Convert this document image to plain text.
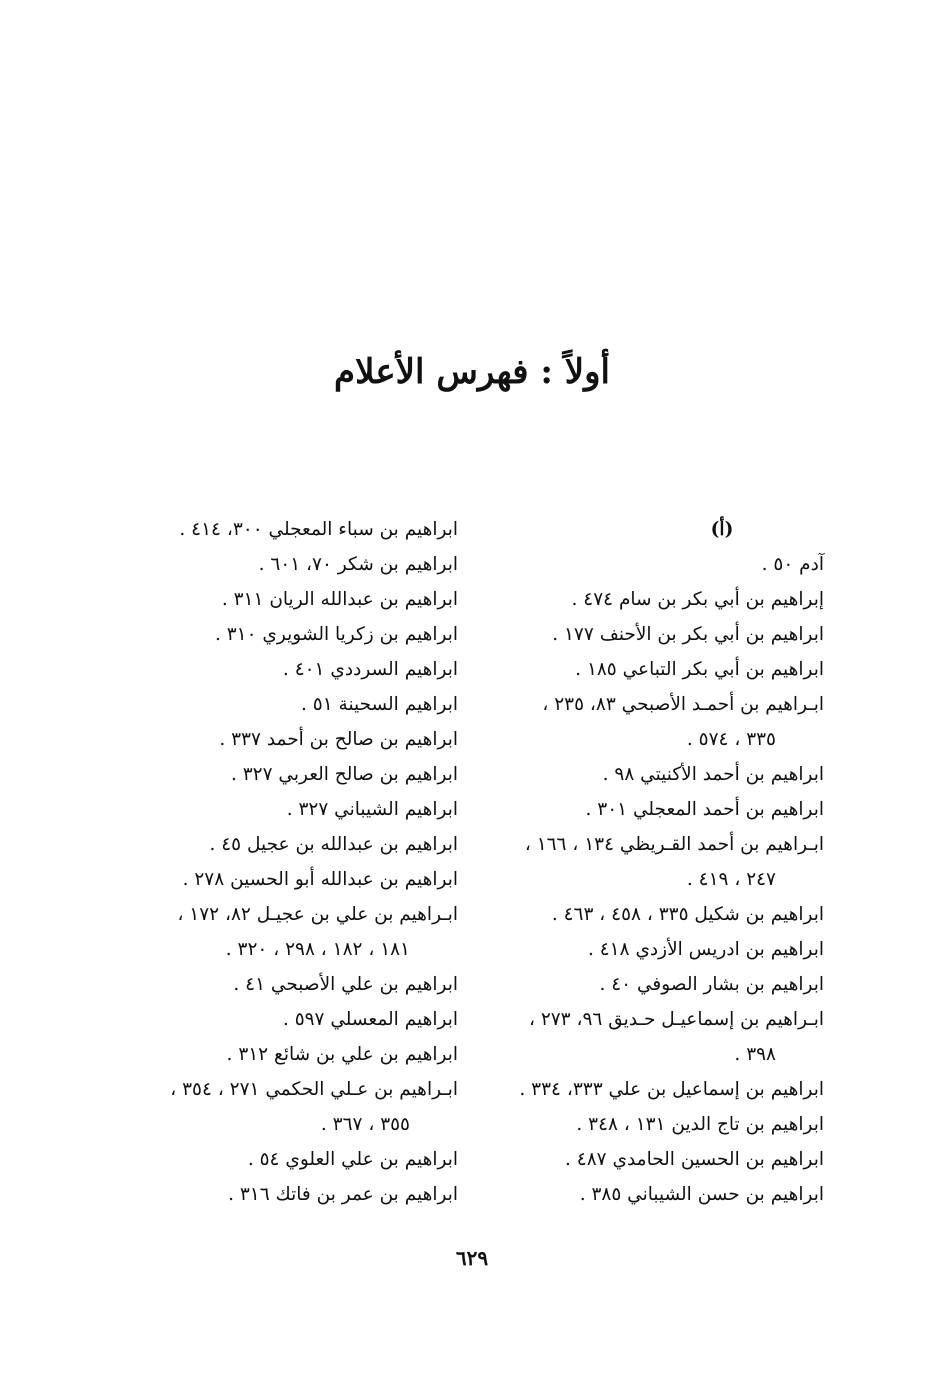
أولاً : فهرس الأعلام
(أ)
آدم ٥٠ .
إبراهيم بن أبي بكر بن سام ٤٧٤ .
ابراهيم بن أبي بكر بن الأحنف ١٧٧ .
ابراهيم بن أبي بكر التباعي ١٨٥ .
ابـراهيم بن أحمـد الأصبحي ٨٣، ٢٣٥ ،
٣٣٥ ، ٥٧٤ .
ابراهيم بن أحمد الأكنيتي ٩٨ .
ابراهيم بن أحمد المعجلي ٣٠١ .
ابـراهيم بن أحمد القـريظي ١٣٤ ، ١٦٦ ،
٢٤٧ ، ٤١٩ .
ابراهيم بن شكيل ٣٣٥ ، ٤٥٨ ، ٤٦٣ .
ابراهيم بن ادريس الأزدي ٤١٨ .
ابراهيم بن بشار الصوفي ٤٠ .
ابـراهيم بن إسماعيـل حـديق ٩٦، ٢٧٣ ،
٣٩٨ .
ابراهيم بن إسماعيل بن علي ٣٣٣، ٣٣٤ .
ابراهيم بن تاج الدين ١٣١ ، ٣٤٨ .
ابراهيم بن الحسين الحامدي ٤٨٧ .
ابراهيم بن حسن الشيباني ٣٨٥ .
ابراهيم بن سباء المعجلي ٣٠٠، ٤١٤ .
ابراهيم بن شكر ٧٠، ٦٠١ .
ابراهيم بن عبدالله الريان ٣١١ .
ابراهيم بن زكريا الشويري ٣١٠ .
ابراهيم السرددي ٤٠١ .
ابراهيم السحينة ٥١ .
ابراهيم بن صالح بن أحمد ٣٣٧ .
ابراهيم بن صالح العربي ٣٢٧ .
ابراهيم الشيباني ٣٢٧ .
ابراهيم بن عبدالله بن عجيل ٤٥ .
ابراهيم بن عبدالله أبو الحسين ٢٧٨ .
ابـراهيم بن علي بن عجيـل ٨٢، ١٧٢ ،
١٨١ ، ١٨٢ ، ٢٩٨ ، ٣٢٠ .
ابراهيم بن علي الأصبحي ٤١ .
ابراهيم المعسلي ٥٩٧ .
ابراهيم بن علي بن شائع ٣١٢ .
ابـراهيم بن عـلي الحكمي ٢٧١ ، ٣٥٤ ،
٣٥٥ ، ٣٦٧ .
ابراهيم بن علي العلوي ٥٤ .
ابراهيم بن عمر بن فاتك ٣١٦ .
٦٢٩
